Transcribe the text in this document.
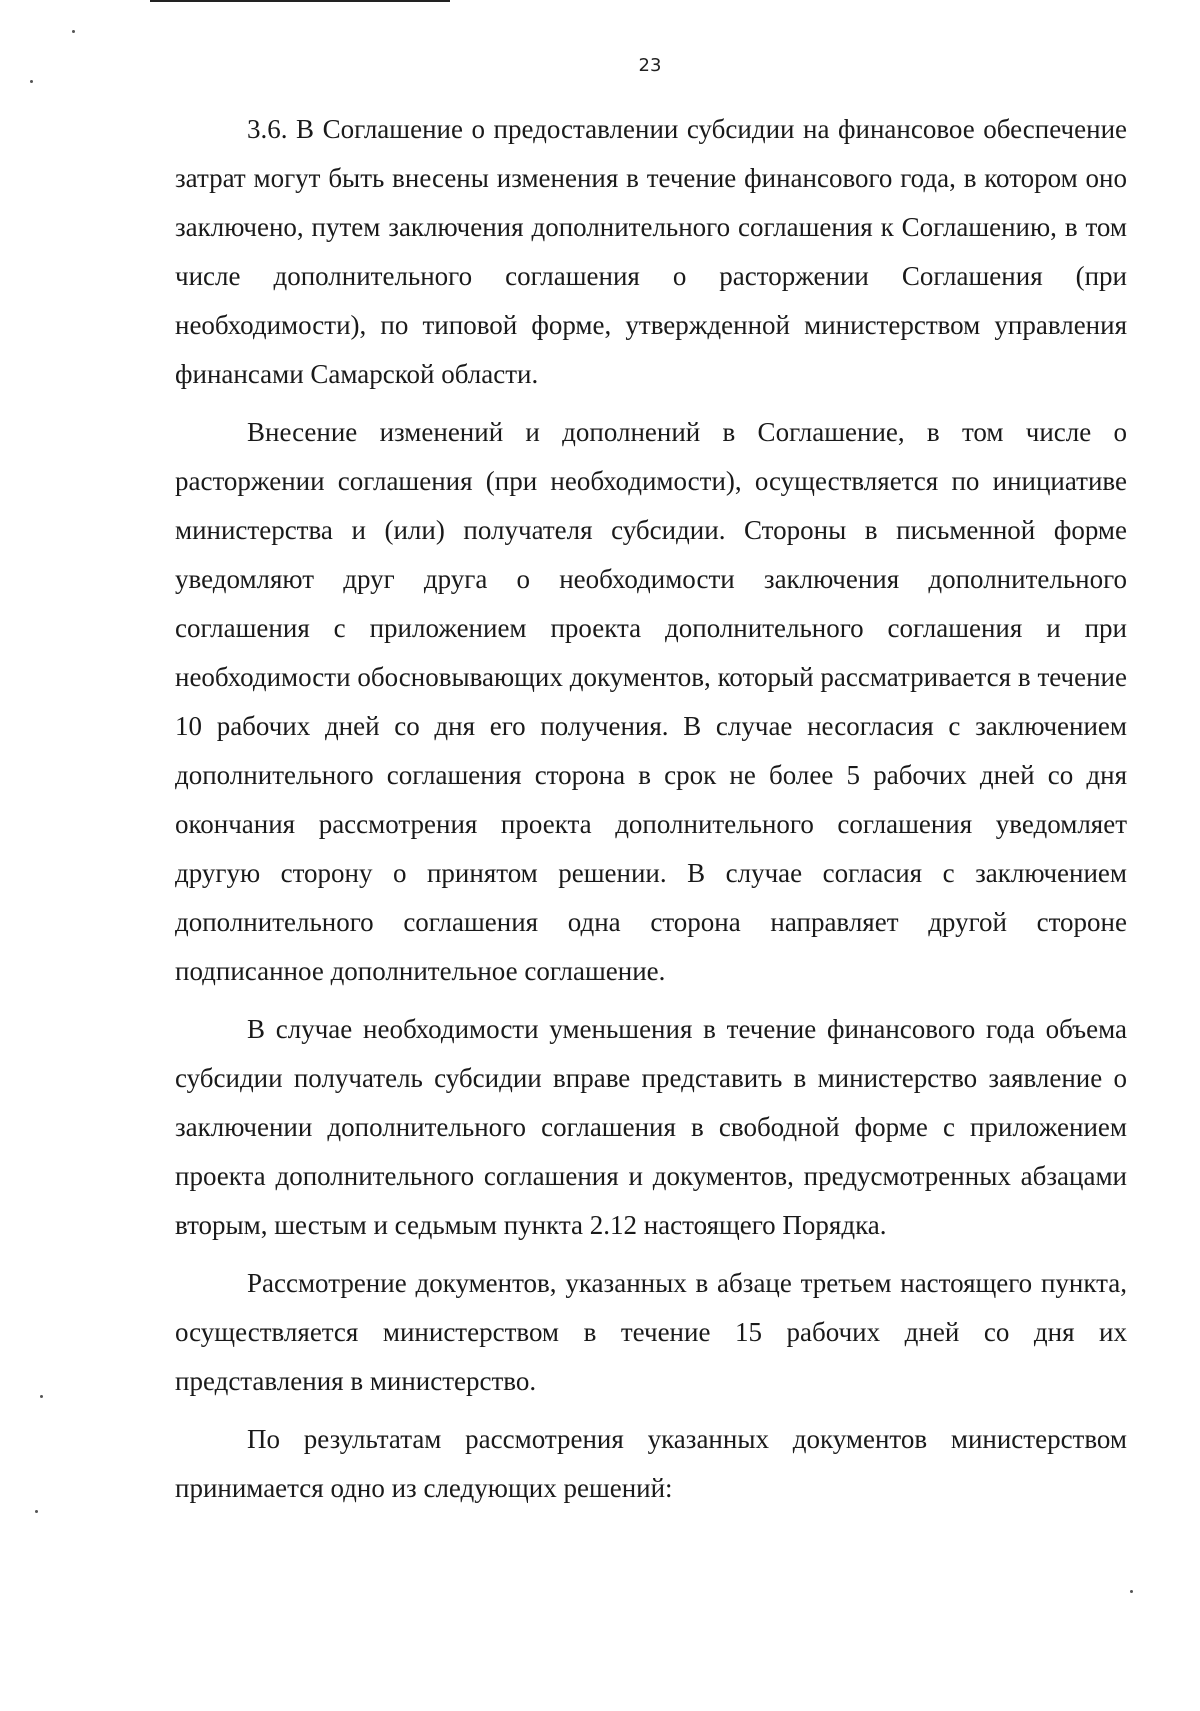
23

3.6. В Соглашение о предоставлении субсидии на финансовое обеспечение затрат могут быть внесены изменения в течение финансового года, в котором оно заключено, путем заключения дополнительного соглашения к Соглашению, в том числе дополнительного соглашения о расторжении Соглашения (при необходимости), по типовой форме, утвержденной министерством управления финансами Самарской области.

Внесение изменений и дополнений в Соглашение, в том числе о расторжении соглашения (при необходимости), осуществляется по инициативе министерства и (или) получателя субсидии. Стороны в письменной форме уведомляют друг друга о необходимости заключения дополнительного соглашения с приложением проекта дополнительного соглашения и при необходимости обосновывающих документов, который рассматривается в течение 10 рабочих дней со дня его получения. В случае несогласия с заключением дополнительного соглашения сторона в срок не более 5 рабочих дней со дня окончания рассмотрения проекта дополнительного соглашения уведомляет другую сторону о принятом решении. В случае согласия с заключением дополнительного соглашения одна сторона направляет другой стороне подписанное дополнительное соглашение.

В случае необходимости уменьшения в течение финансового года объема субсидии получатель субсидии вправе представить в министерство заявление о заключении дополнительного соглашения в свободной форме с приложением проекта дополнительного соглашения и документов, предусмотренных абзацами вторым, шестым и седьмым пункта 2.12 настоящего Порядка.

Рассмотрение документов, указанных в абзаце третьем настоящего пункта, осуществляется министерством в течение 15 рабочих дней со дня их представления в министерство.

По результатам рассмотрения указанных документов министерством принимается одно из следующих решений:
